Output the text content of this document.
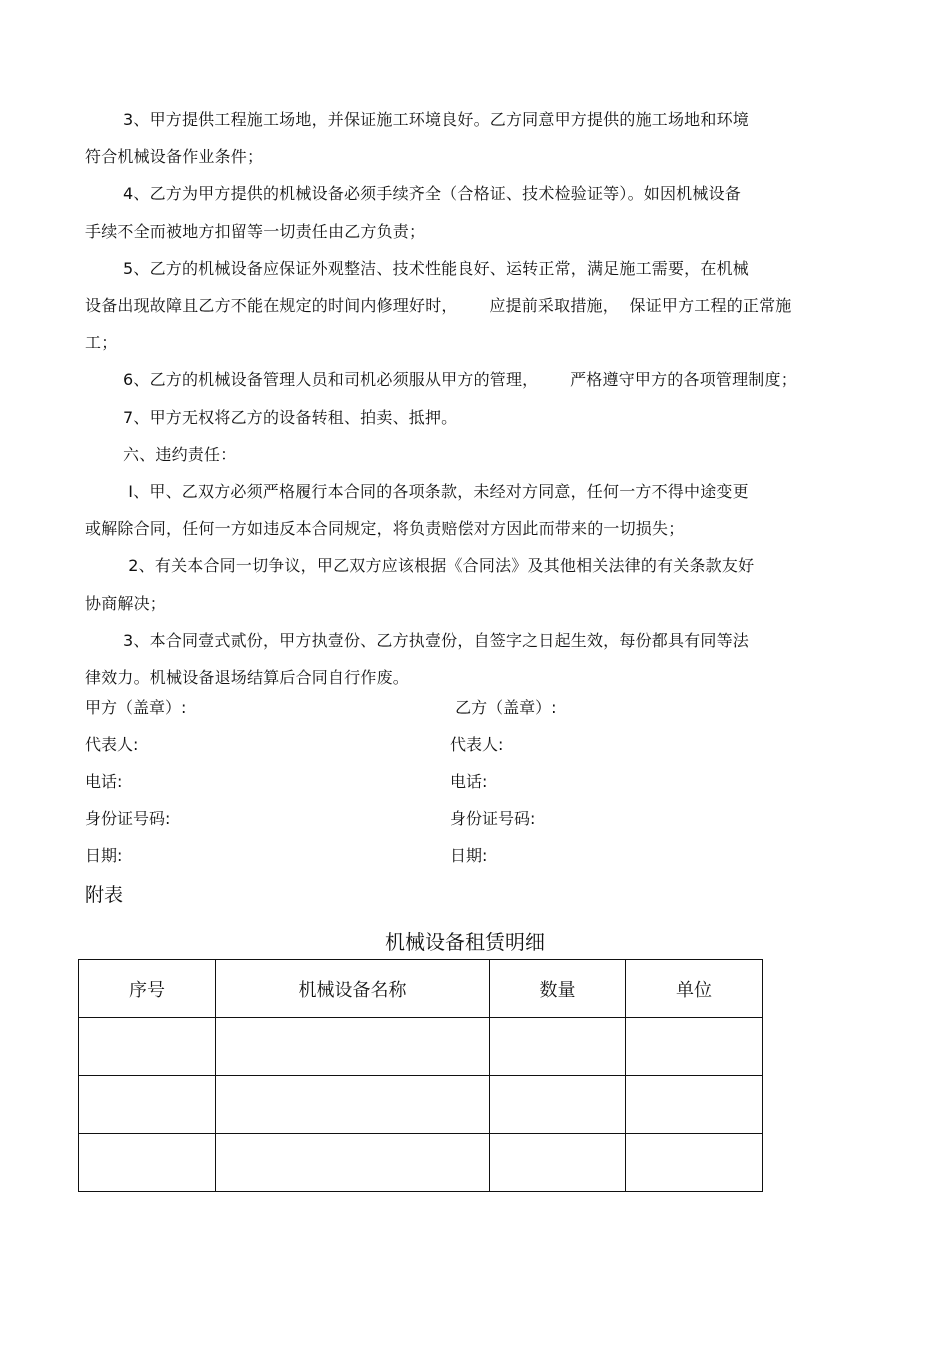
3、甲方提供工程施工场地，并保证施工环境良好。乙方同意甲方提供的施工场地和环境
符合机械设备作业条件；
4、乙方为甲方提供的机械设备必须手续齐全（合格证、技术检验证等）。如因机械设备
手续不全而被地方扣留等一切责任由乙方负责；
5、乙方的机械设备应保证外观整洁、技术性能良好、运转正常，满足施工需要，在机械
设备出现故障且乙方不能在规定的时间内修理好时，      应提前采取措施，  保证甲方工程的正常施
工；
6、乙方的机械设备管理人员和司机必须服从甲方的管理，      严格遵守甲方的各项管理制度；
7、甲方无权将乙方的设备转租、拍卖、抵押。
六、违约责任：
I、甲、乙双方必须严格履行本合同的各项条款，未经对方同意，任何一方不得中途变更
或解除合同，任何一方如违反本合同规定，将负责赔偿对方因此而带来的一切损失；
2、有关本合同一切争议，甲乙双方应该根据《合同法》及其他相关法律的有关条款友好
协商解决；
3、本合同壹式贰份，甲方执壹份、乙方执壹份，自签字之日起生效，每份都具有同等法
律效力。机械设备退场结算后合同自行作废。
甲方（盖章）:
代表人:
电话:
身份证号码:
日期:
乙方（盖章）:
代表人:
电话:
身份证号码:
日期:
附表
机械设备租赁明细
序号	机械设备名称	数量	单位
